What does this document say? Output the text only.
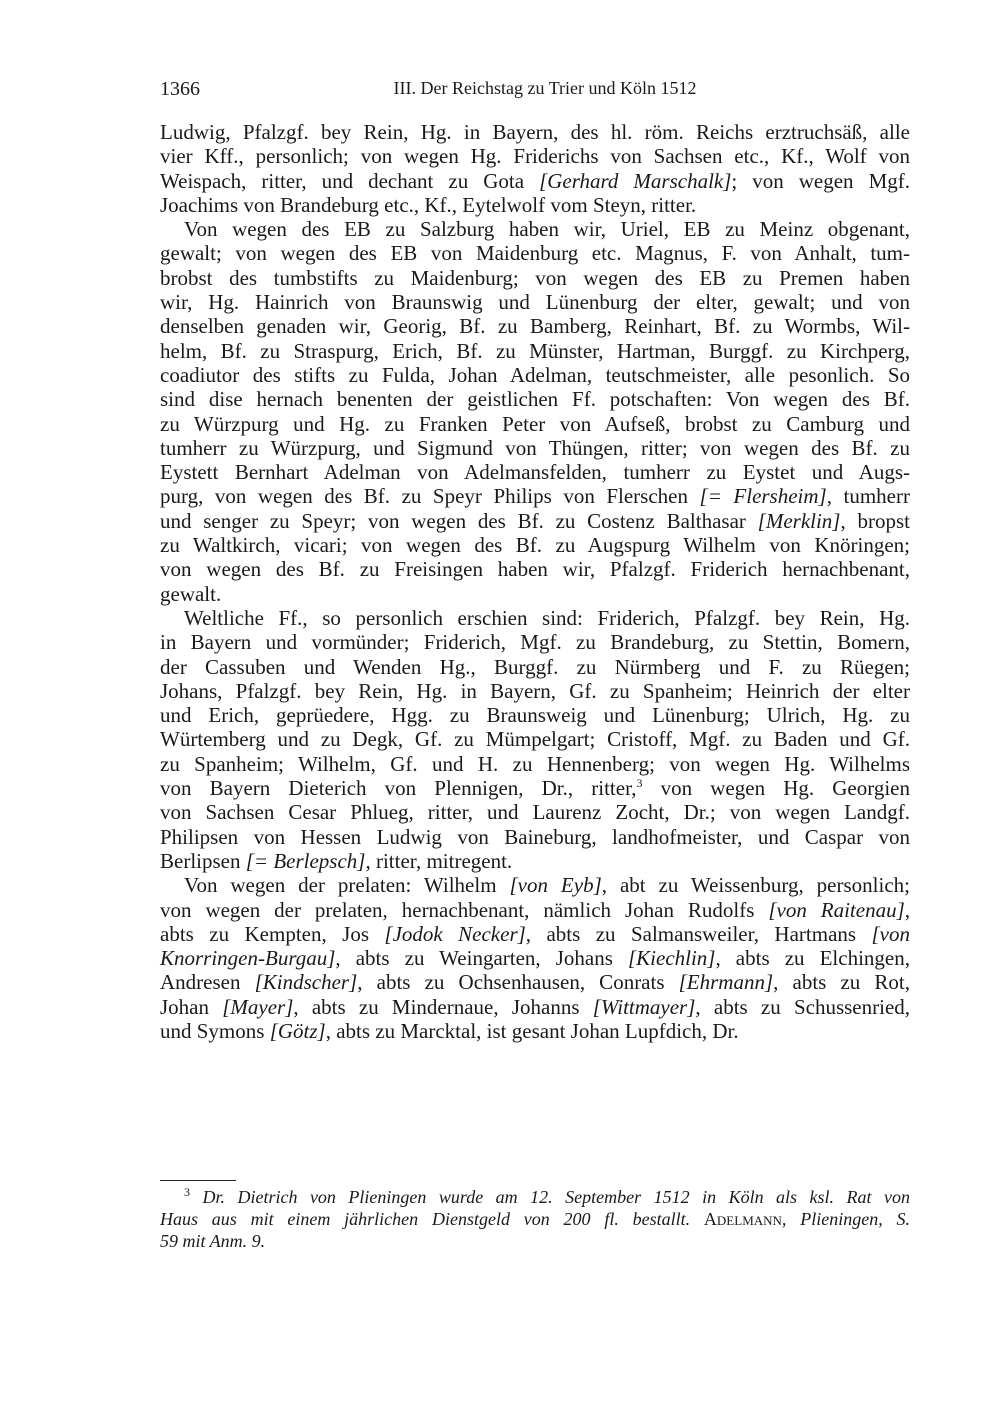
1366	III. Der Reichstag zu Trier und Köln 1512
Ludwig, Pfalzgf. bey Rein, Hg. in Bayern, des hl. röm. Reichs erztruchsäß, alle
vier Kff., personlich; von wegen Hg. Friderichs von Sachsen etc., Kf., Wolf von
Weispach, ritter, und dechant zu Gota [Gerhard Marschalk]; von wegen Mgf.
Joachims von Brandeburg etc., Kf., Eytelwolf vom Steyn, ritter.
Von wegen des EB zu Salzburg haben wir, Uriel, EB zu Meinz obgenant,
gewalt; von wegen des EB von Maidenburg etc. Magnus, F. von Anhalt, tum-
brobst des tumbstifts zu Maidenburg; von wegen des EB zu Premen haben
wir, Hg. Hainrich von Braunswig und Lünenburg der elter, gewalt; und von
denselben genaden wir, Georig, Bf. zu Bamberg, Reinhart, Bf. zu Wormbs, Wil-
helm, Bf. zu Straspurg, Erich, Bf. zu Münster, Hartman, Burggf. zu Kirchperg,
coadiutor des stifts zu Fulda, Johan Adelman, teutschmeister, alle pesonlich. So
sind dise hernach benenten der geistlichen Ff. potschaften: Von wegen des Bf.
zu Würzpurg und Hg. zu Franken Peter von Aufseß, brobst zu Camburg und
tumherr zu Würzpurg, und Sigmund von Thüngen, ritter; von wegen des Bf. zu
Eystett Bernhart Adelman von Adelmansfelden, tumherr zu Eystet und Augs-
purg, von wegen des Bf. zu Speyr Philips von Flerschen [= Flersheim], tumherr
und senger zu Speyr; von wegen des Bf. zu Costenz Balthasar [Merklin], bropst
zu Waltkirch, vicari; von wegen des Bf. zu Augspurg Wilhelm von Knöringen;
von wegen des Bf. zu Freisingen haben wir, Pfalzgf. Friderich hernachbenant,
gewalt.
Weltliche Ff., so personlich erschien sind: Friderich, Pfalzgf. bey Rein, Hg.
in Bayern und vormünder; Friderich, Mgf. zu Brandeburg, zu Stettin, Bomern,
der Cassuben und Wenden Hg., Burggf. zu Nürmberg und F. zu Rüegen;
Johans, Pfalzgf. bey Rein, Hg. in Bayern, Gf. zu Spanheim; Heinrich der elter
und Erich, geprüedere, Hgg. zu Braunsweig und Lünenburg; Ulrich, Hg. zu
Würtemberg und zu Degk, Gf. zu Mümpelgart; Cristoff, Mgf. zu Baden und Gf.
zu Spanheim; Wilhelm, Gf. und H. zu Hennenberg; von wegen Hg. Wilhelms
von Bayern Dieterich von Plennigen, Dr., ritter,$^3$ von wegen Hg. Georgien
von Sachsen Cesar Phlueg, ritter, und Laurenz Zocht, Dr.; von wegen Landgf.
Philipsen von Hessen Ludwig von Baineburg, landhofmeister, und Caspar von
Berlipsen [= Berlepsch], ritter, mitregent.
Von wegen der prelaten: Wilhelm [von Eyb], abt zu Weissenburg, personlich;
von wegen der prelaten, hernachbenant, nämlich Johan Rudolfs [von Raitenau],
abts zu Kempten, Jos [Jodok Necker], abts zu Salmansweiler, Hartmans [von
Knorringen-Burgau], abts zu Weingarten, Johans [Kiechlin], abts zu Elchingen,
Andresen [Kindscher], abts zu Ochsenhausen, Conrats [Ehrmann], abts zu Rot,
Johan [Mayer], abts zu Mindernaue, Johanns [Wittmayer], abts zu Schussenried,
und Symons [Götz], abts zu Marcktal, ist gesant Johan Lupfdich, Dr.
$^3$ Dr. Dietrich von Plieningen wurde am 12. September 1512 in Köln als ksl. Rat von
Haus aus mit einem jährlichen Dienstgeld von 200 fl. bestallt. Adelmann, Plieningen, S.
59 mit Anm. 9.
